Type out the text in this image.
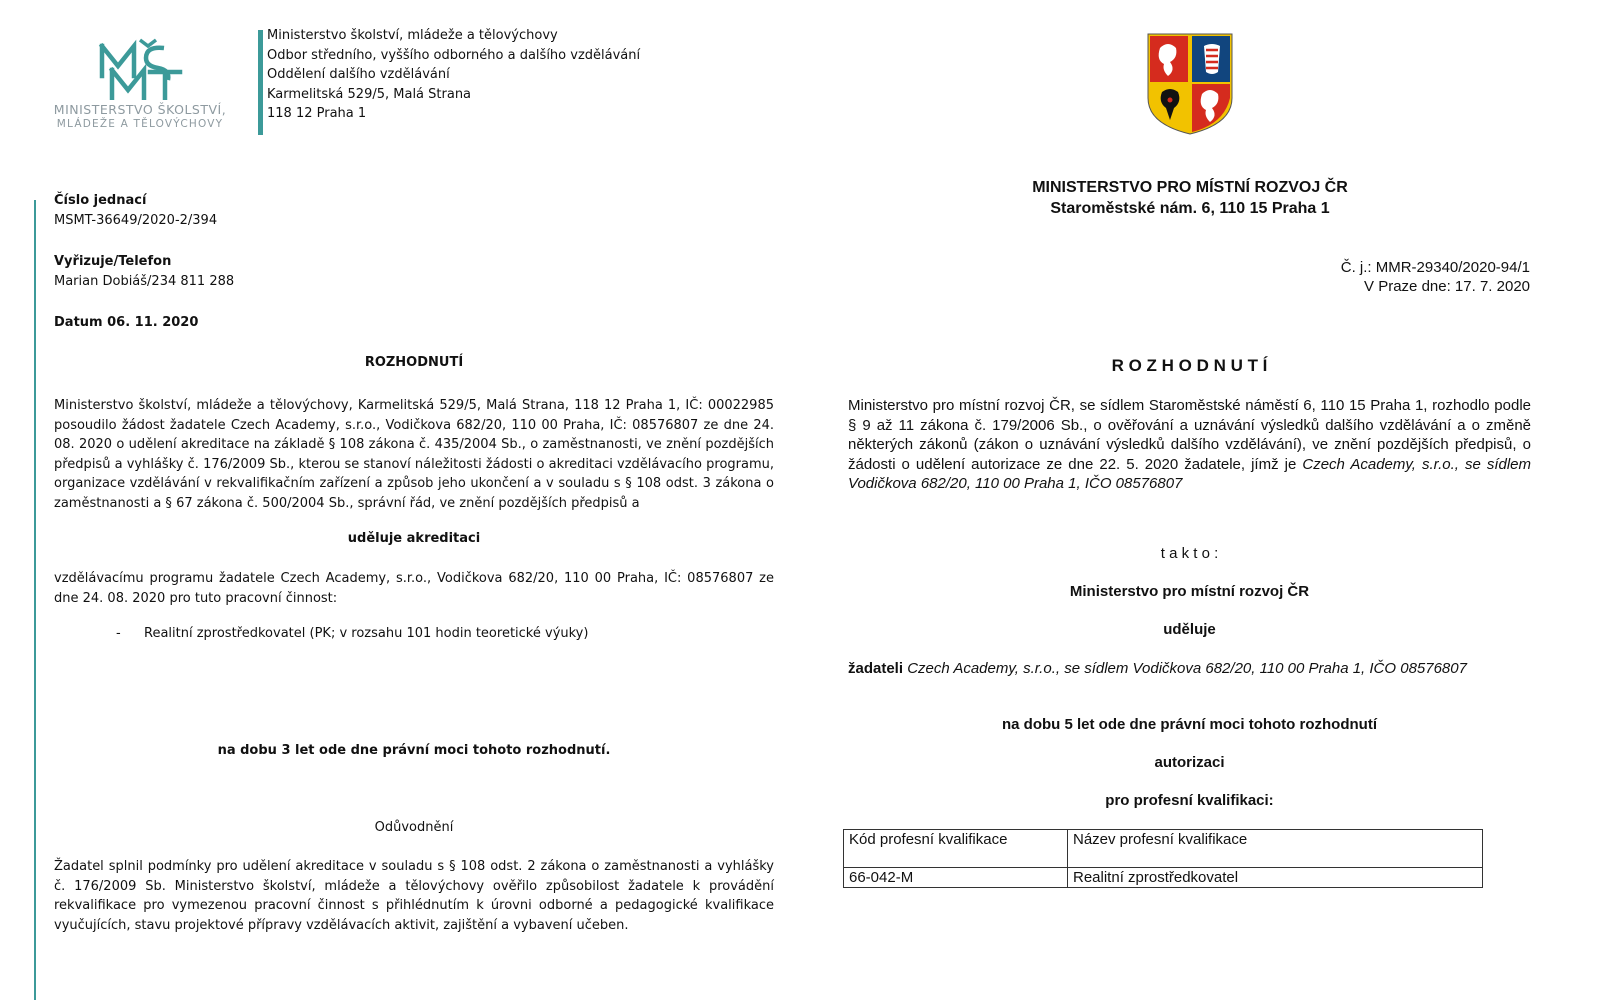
MINISTERSTVO ŠKOLSTVÍ,
MLÁDEŽE A TĚLOVÝCHOVY
Ministerstvo školství, mládeže a tělovýchovy
Odbor středního, vyššího odborného a dalšího vzdělávání
Oddělení dalšího vzdělávání
Karmelitská 529/5, Malá Strana
118 12 Praha 1
Číslo jednací
MSMT-36649/2020-2/394
Vyřizuje/Telefon
Marian Dobiáš/234 811 288
Datum 06. 11. 2020
ROZHODNUTÍ
Ministerstvo školství, mládeže a tělovýchovy, Karmelitská 529/5, Malá Strana, 118 12 Praha 1, IČ: 00022985 posoudilo žádost žadatele Czech Academy, s.r.o., Vodičkova 682/20, 110 00 Praha, IČ: 08576807 ze dne 24. 08. 2020 o udělení akreditace na základě § 108 zákona č. 435/2004 Sb., o zaměstnanosti, ve znění pozdějších předpisů a vyhlášky č. 176/2009 Sb., kterou se stanoví náležitosti žádosti o akreditaci vzdělávacího programu, organizace vzdělávání v rekvalifikačním zařízení a způsob jeho ukončení a v souladu s § 108 odst. 3 zákona o zaměstnanosti a § 67 zákona č. 500/2004 Sb., správní řád, ve znění pozdějších předpisů a
uděluje akreditaci
vzdělávacímu programu žadatele Czech Academy, s.r.o., Vodičkova 682/20, 110 00 Praha, IČ: 08576807 ze dne 24. 08. 2020 pro tuto pracovní činnost:
- Realitní zprostředkovatel (PK; v rozsahu 101 hodin teoretické výuky)
na dobu 3 let ode dne právní moci tohoto rozhodnutí.
Odůvodnění
Žadatel splnil podmínky pro udělení akreditace v souladu s § 108 odst. 2 zákona o zaměstnanosti a vyhlášky č. 176/2009 Sb. Ministerstvo školství, mládeže a tělovýchovy ověřilo způsobilost žadatele k provádění rekvalifikace pro vymezenou pracovní činnost s přihlédnutím k úrovni odborné a pedagogické kvalifikace vyučujících, stavu projektové přípravy vzdělávacích aktivit, zajištění a vybavení učeben.
MINISTERSTVO PRO MÍSTNÍ ROZVOJ ČR
Staroměstské nám. 6, 110 15 Praha 1
Č. j.: MMR-29340/2020-94/1
V Praze dne: 17. 7. 2020
R O Z H O D N U T Í
Ministerstvo pro místní rozvoj ČR, se sídlem Staroměstské náměstí 6, 110 15 Praha 1, rozhodlo podle § 9 až 11 zákona č. 179/2006 Sb., o ověřování a uznávání výsledků dalšího vzdělávání a o změně některých zákonů (zákon o uznávání výsledků dalšího vzdělávání), ve znění pozdějších předpisů, o žádosti o udělení autorizace ze dne 22. 5. 2020 žadatele, jímž je Czech Academy, s.r.o., se sídlem Vodičkova 682/20, 110 00 Praha 1, IČO 08576807
t a k t o :
Ministerstvo pro místní rozvoj ČR
uděluje
žadateli Czech Academy, s.r.o., se sídlem Vodičkova 682/20, 110 00 Praha 1, IČO 08576807
na dobu 5 let ode dne právní moci tohoto rozhodnutí
autorizaci
pro profesní kvalifikaci:
Kód profesní kvalifikace	Název profesní kvalifikace
66-042-M	Realitní zprostředkovatel
